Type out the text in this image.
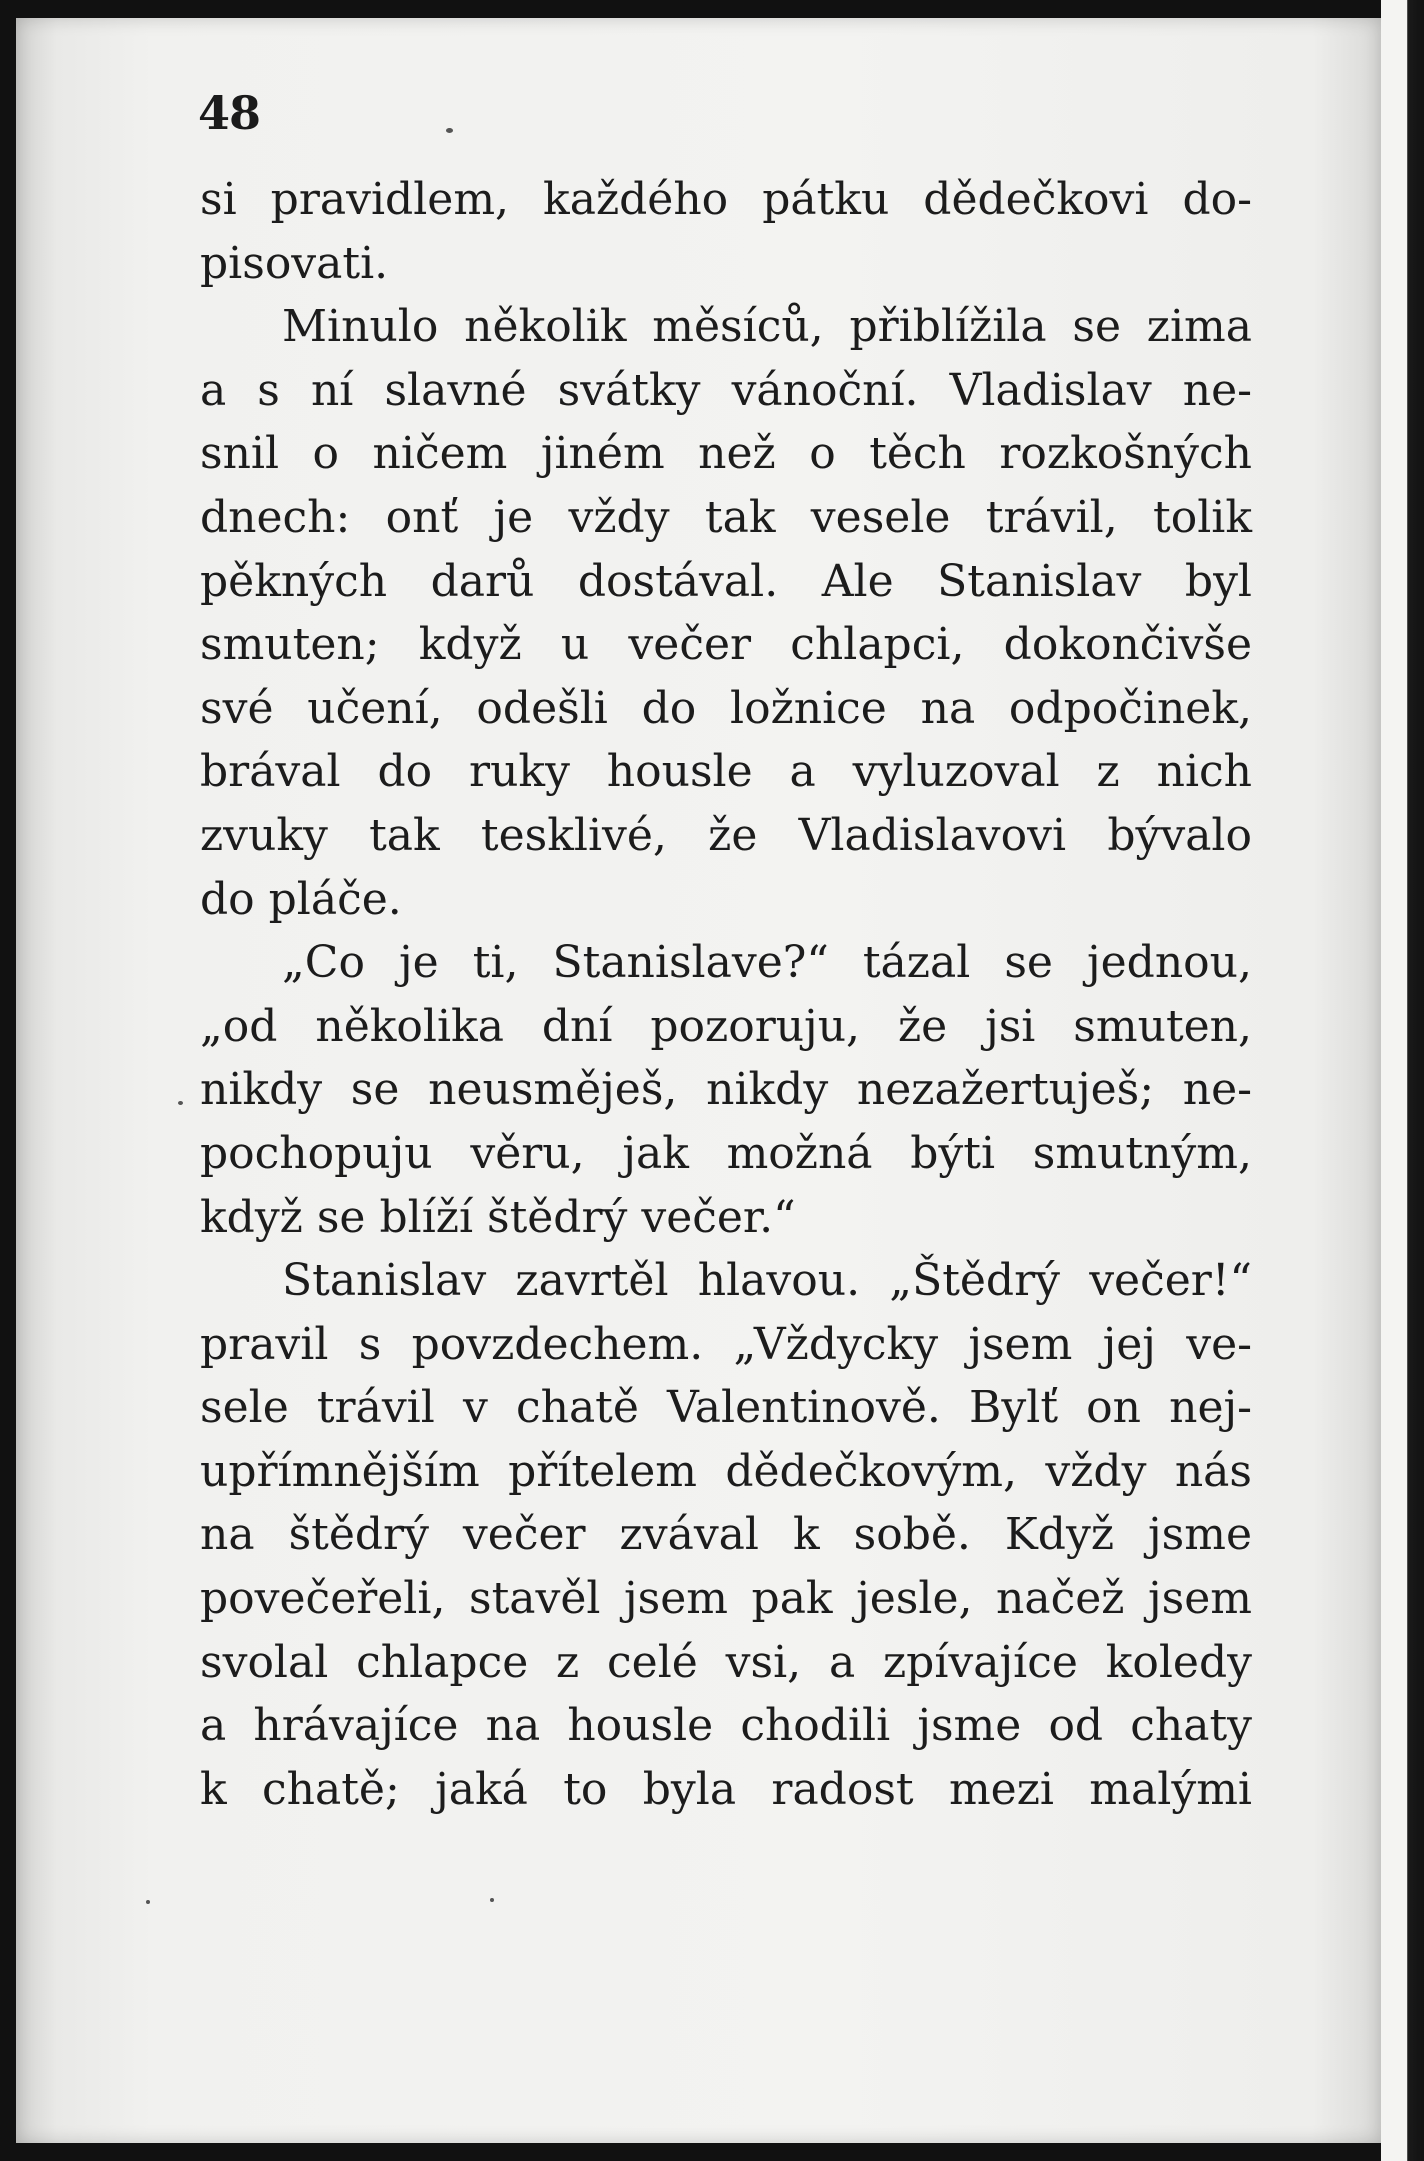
48
si pravidlem, každého pátku dědečkovi do-
pisovati.
Minulo několik měsíců, přiblížila se zima
a s ní slavné svátky vánoční. Vladislav ne-
snil o ničem jiném než o těch rozkošných
dnech: onť je vždy tak vesele trávil, tolik
pěkných darů dostával. Ale Stanislav byl
smuten; když u večer chlapci, dokončivše
své učení, odešli do ložnice na odpočinek,
brával do ruky housle a vyluzoval z nich
zvuky tak tesklivé, že Vladislavovi bývalo
do pláče.
„Co je ti, Stanislave?“ tázal se jednou,
„od několika dní pozoruju, že jsi smuten,
nikdy se neusměješ, nikdy nezažertuješ; ne-
pochopuju věru, jak možná býti smutným,
když se blíží štědrý večer.“
Stanislav zavrtěl hlavou. „Štědrý večer!“
pravil s povzdechem. „Vždycky jsem jej ve-
sele trávil v chatě Valentinově. Bylť on nej-
upřímnějším přítelem dědečkovým, vždy nás
na štědrý večer zvával k sobě. Když jsme
povečeřeli, stavěl jsem pak jesle, načež jsem
svolal chlapce z celé vsi, a zpívajíce koledy
a hrávajíce na housle chodili jsme od chaty
k chatě; jaká to byla radost mezi malými
